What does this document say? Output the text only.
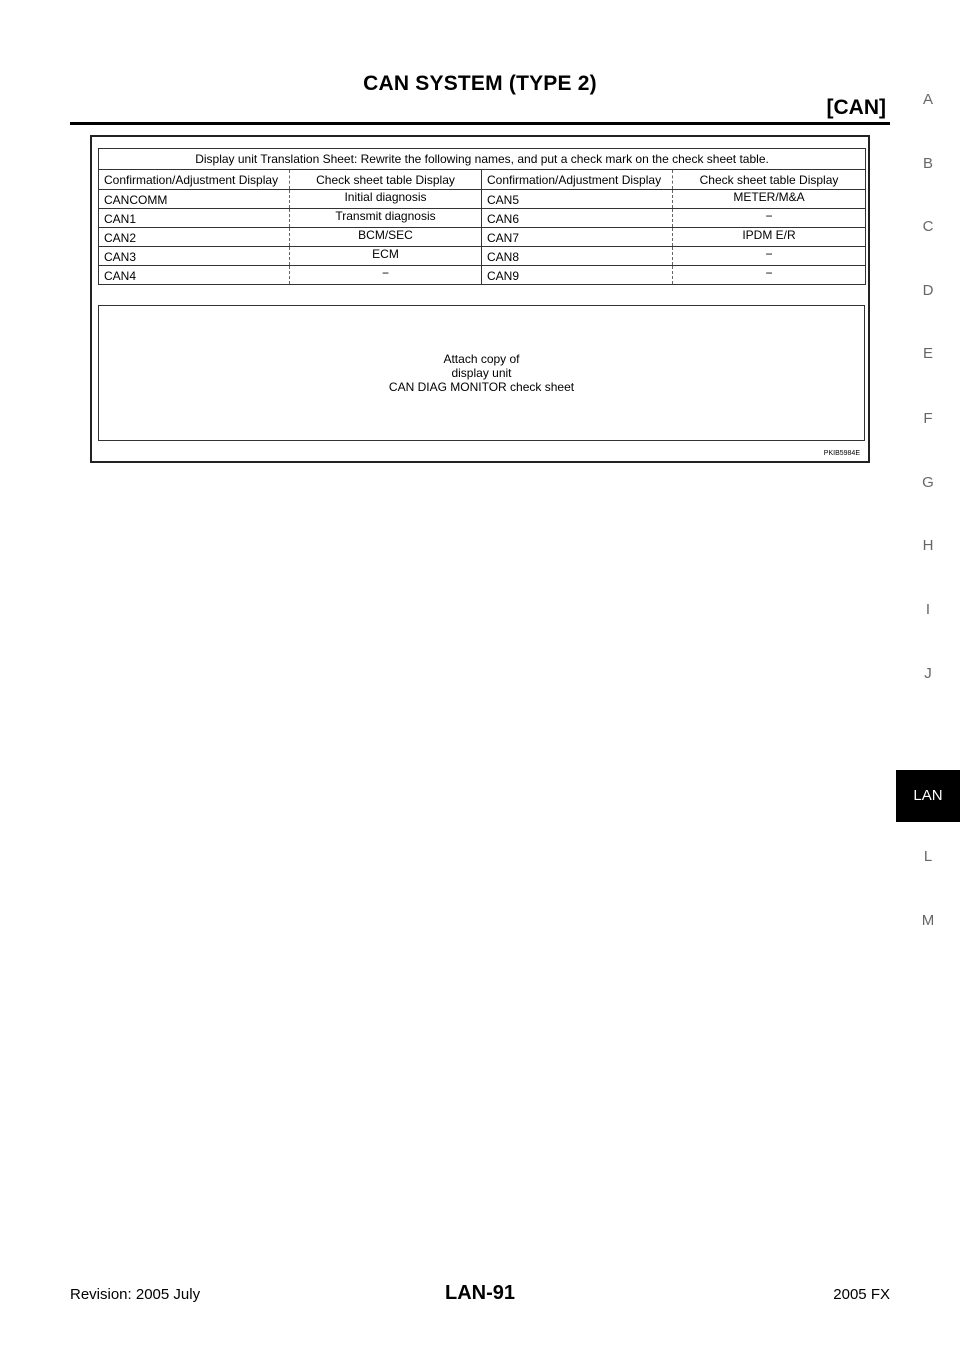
CAN SYSTEM (TYPE 2)
[CAN]	A
B
C
D
E
F
G
H
I
J
LAN
L
M
Display unit Translation Sheet: Rewrite the following names, and put a check mark on the check sheet table.			
Confirmation/Adjustment Display	Check sheet table Display	Confirmation/Adjustment Display	Check sheet table Display
CANCOMM	Initial diagnosis	CAN5	METER/M&A
CAN1	Transmit diagnosis	CAN6	−
CAN2	BCM/SEC	CAN7	IPDM E/R
CAN3	ECM	CAN8	−
CAN4	−	CAN9	−
Attach copy of
display unit
CAN DIAG MONITOR check sheet
PKIB5984E
Revision: 2005 July	LAN-91	2005 FX
